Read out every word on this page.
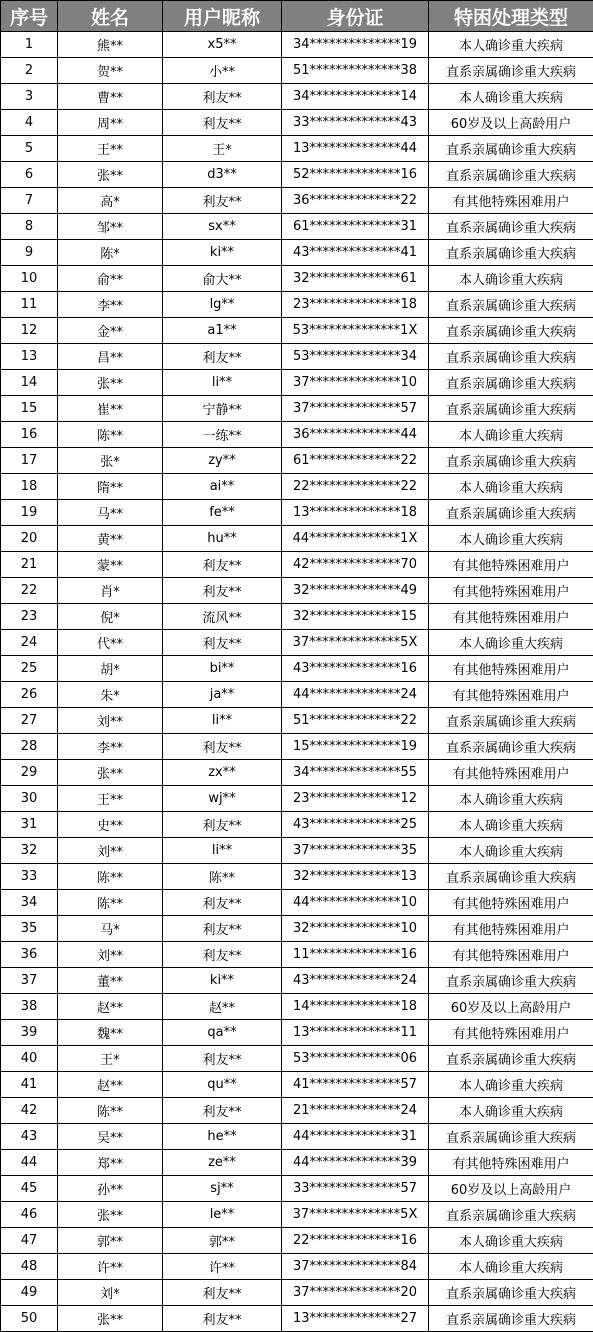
序号	姓名	用户昵称	身份证	特困处理类型
1	熊**	x5**	34**************19	本人确诊重大疾病
2	贺**	小**	51**************38	直系亲属确诊重大疾病
3	曹**	利友**	34**************14	本人确诊重大疾病
4	周**	利友**	33**************43	60岁及以上高龄用户
5	王**	王*	13**************44	直系亲属确诊重大疾病
6	张**	d3**	52**************16	直系亲属确诊重大疾病
7	高*	利友**	36**************22	有其他特殊困难用户
8	邹**	sx**	61**************31	直系亲属确诊重大疾病
9	陈*	ki**	43**************41	直系亲属确诊重大疾病
10	俞**	俞大**	32**************61	本人确诊重大疾病
11	李**	lg**	23**************18	直系亲属确诊重大疾病
12	金**	a1**	53**************1X	直系亲属确诊重大疾病
13	昌**	利友**	53**************34	直系亲属确诊重大疾病
14	张**	li**	37**************10	直系亲属确诊重大疾病
15	崔**	宁静**	37**************57	直系亲属确诊重大疾病
16	陈**	一练**	36**************44	本人确诊重大疾病
17	张*	zy**	61**************22	直系亲属确诊重大疾病
18	隋**	ai**	22**************22	本人确诊重大疾病
19	马**	fe**	13**************18	直系亲属确诊重大疾病
20	黄**	hu**	44**************1X	本人确诊重大疾病
21	蒙**	利友**	42**************70	有其他特殊困难用户
22	肖*	利友**	32**************49	有其他特殊困难用户
23	倪*	流风**	32**************15	有其他特殊困难用户
24	代**	利友**	37**************5X	本人确诊重大疾病
25	胡*	bi**	43**************16	有其他特殊困难用户
26	朱*	ja**	44**************24	有其他特殊困难用户
27	刘**	li**	51**************22	直系亲属确诊重大疾病
28	李**	利友**	15**************19	直系亲属确诊重大疾病
29	张**	zx**	34**************55	有其他特殊困难用户
30	王**	wj**	23**************12	本人确诊重大疾病
31	史**	利友**	43**************25	本人确诊重大疾病
32	刘**	li**	37**************35	本人确诊重大疾病
33	陈**	陈**	32**************13	直系亲属确诊重大疾病
34	陈**	利友**	44**************10	有其他特殊困难用户
35	马*	利友**	32**************10	有其他特殊困难用户
36	刘**	利友**	11**************16	有其他特殊困难用户
37	董**	ki**	43**************24	直系亲属确诊重大疾病
38	赵**	赵**	14**************18	60岁及以上高龄用户
39	魏**	qa**	13**************11	有其他特殊困难用户
40	王*	利友**	53**************06	直系亲属确诊重大疾病
41	赵**	qu**	41**************57	本人确诊重大疾病
42	陈**	利友**	21**************24	本人确诊重大疾病
43	吴**	he**	44**************31	直系亲属确诊重大疾病
44	郑**	ze**	44**************39	有其他特殊困难用户
45	孙**	sj**	33**************57	60岁及以上高龄用户
46	张**	le**	37**************5X	直系亲属确诊重大疾病
47	郭**	郭**	22**************16	本人确诊重大疾病
48	许**	许**	37**************84	本人确诊重大疾病
49	刘*	利友**	37**************20	直系亲属确诊重大疾病
50	张**	利友**	13**************27	直系亲属确诊重大疾病
